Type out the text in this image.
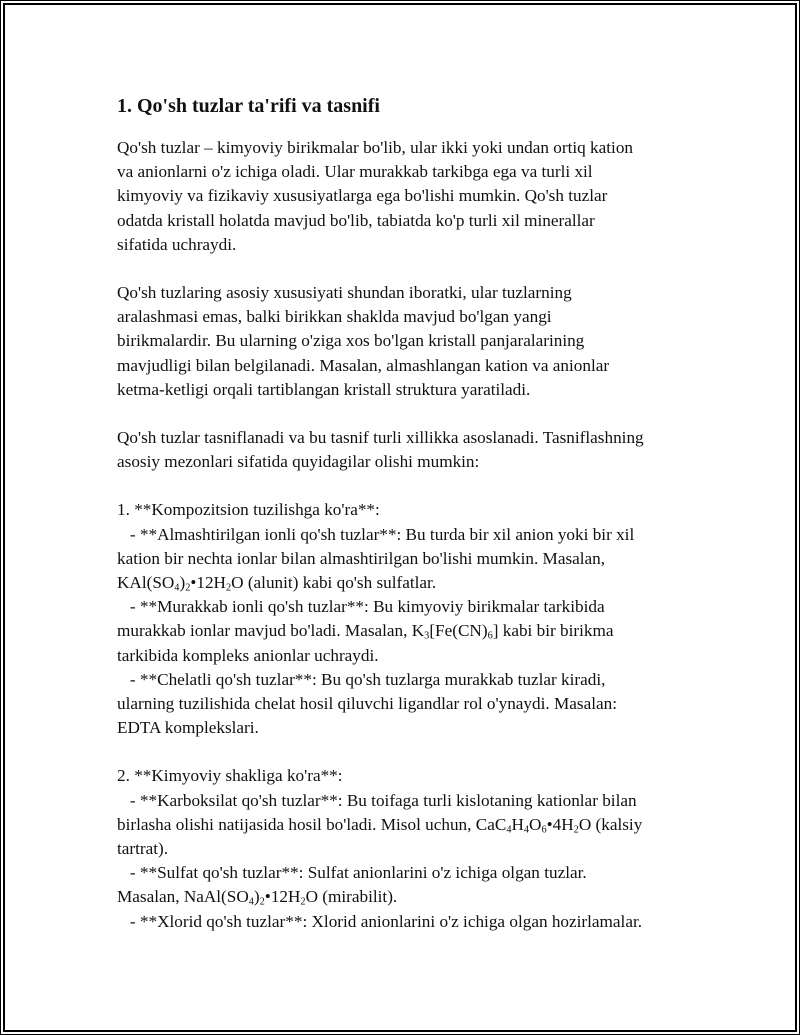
1. Qo'sh tuzlar ta'rifi va tasnifi
Qo'sh tuzlar – kimyoviy birikmalar bo'lib, ular ikki yoki undan ortiq kation
va anionlarni o'z ichiga oladi. Ular murakkab tarkibga ega va turli xil
kimyoviy va fizikaviy xususiyatlarga ega bo'lishi mumkin. Qo'sh tuzlar
odatda kristall holatda mavjud bo'lib, tabiatda ko'p turli xil minerallar
sifatida uchraydi.
Qo'sh tuzlaring asosiy xususiyati shundan iboratki, ular tuzlarning
aralashmasi emas, balki birikkan shaklda mavjud bo'lgan yangi
birikmalardir. Bu ularning o'ziga xos bo'lgan kristall panjaralarining
mavjudligi bilan belgilanadi. Masalan, almashlangan kation va anionlar
ketma-ketligi orqali tartiblangan kristall struktura yaratiladi.
Qo'sh tuzlar tasniflanadi va bu tasnif turli xillikka asoslanadi. Tasniflashning
asosiy mezonlari sifatida quyidagilar olishi mumkin:
1. **Kompozitsion tuzilishga ko'ra**:
- **Almashtirilgan ionli qo'sh tuzlar**: Bu turda bir xil anion yoki bir xil
kation bir nechta ionlar bilan almashtirilgan bo'lishi mumkin. Masalan,
$KAl(SO_4)_2•12H_2O$ (alunit) kabi qo'sh sulfatlar.
- **Murakkab ionli qo'sh tuzlar**: Bu kimyoviy birikmalar tarkibida
murakkab ionlar mavjud bo'ladi. Masalan, $K_3[Fe(CN)_6]$ kabi bir birikma
tarkibida kompleks anionlar uchraydi.
- **Chelatli qo'sh tuzlar**: Bu qo'sh tuzlarga murakkab tuzlar kiradi,
ularning tuzilishida chelat hosil qiluvchi ligandlar rol o'ynaydi. Masalan:
EDTA komplekslari.
2. **Kimyoviy shakliga ko'ra**:
- **Karboksilat qo'sh tuzlar**: Bu toifaga turli kislotaning kationlar bilan
birlasha olishi natijasida hosil bo'ladi. Misol uchun, $CaC_4H_4O_6•4H_2O$ (kalsiy
tartrat).
- **Sulfat qo'sh tuzlar**: Sulfat anionlarini o'z ichiga olgan tuzlar.
Masalan, $NaAl(SO_4)_2•12H_2O$ (mirabilit).
- **Xlorid qo'sh tuzlar**: Xlorid anionlarini o'z ichiga olgan hozirlamalar.
